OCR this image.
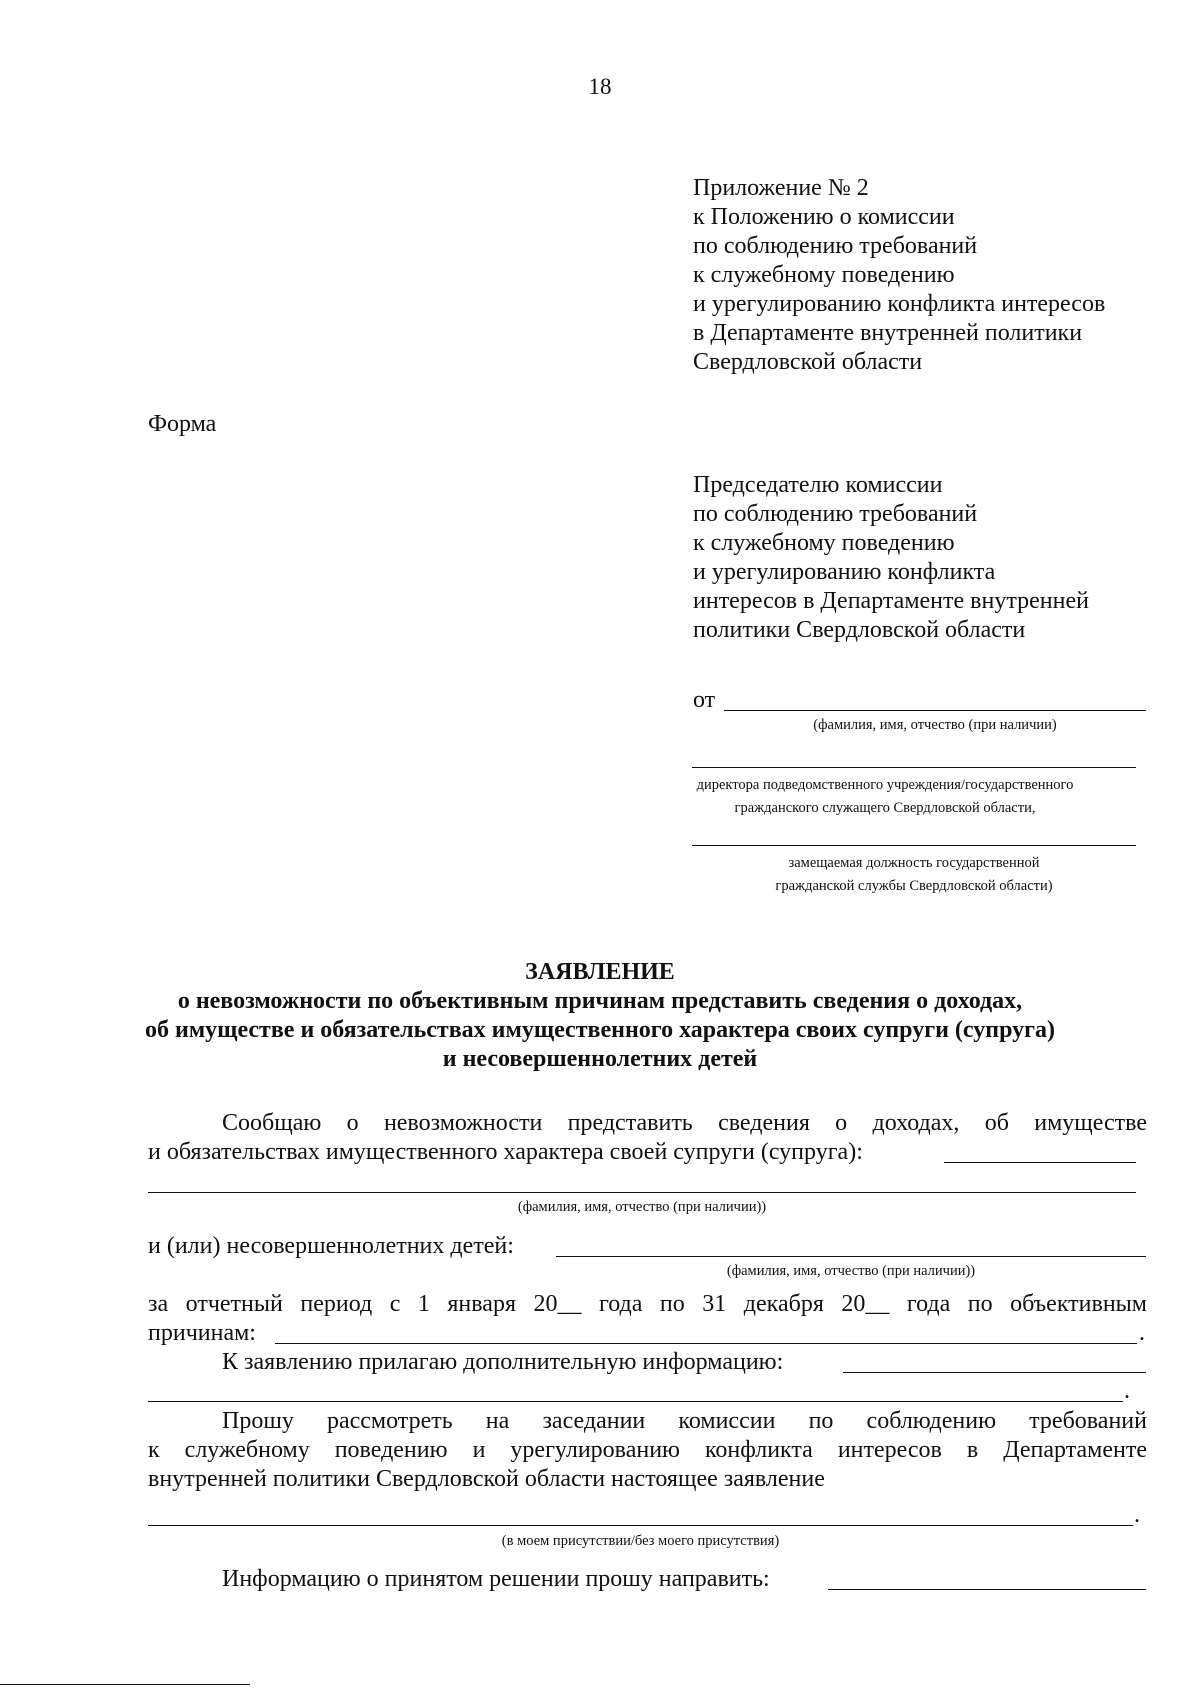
18
Приложение № 2
к Положению о комиссии
по соблюдению требований
к служебному поведению
и урегулированию конфликта интересов
в Департаменте внутренней политики
Свердловской области
Форма
Председателю комиссии
по соблюдению требований
к служебному поведению
и урегулированию конфликта
интересов в Департаменте внутренней
политики Свердловской области
от
(фамилия, имя, отчество (при наличии)
директора подведомственного учреждения/государственного
гражданского служащего Свердловской области,
замещаемая должность государственной
гражданской службы Свердловской области)
ЗАЯВЛЕНИЕ
о невозможности по объективным причинам представить сведения о доходах,
об имуществе и обязательствах имущественного характера своих супруги (супруга)
и несовершеннолетних детей
Сообщаю о невозможности представить сведения о доходах, об имуществе
и обязательствах имущественного характера своей супруги (супруга):
(фамилия, имя, отчество (при наличии))
и (или) несовершеннолетних детей:
(фамилия, имя, отчество (при наличии))
за отчетный период с 1 января 20__ года по 31 декабря 20__ года по объективным
причинам:	.
К заявлению прилагаю дополнительную информацию:
.
Прошу рассмотреть на заседании комиссии по соблюдению требований
к служебному поведению и урегулированию конфликта интересов в Департаменте
внутренней политики Свердловской области настоящее заявление
.
(в моем присутствии/без моего присутствия)
Информацию о принятом решении прошу направить:
